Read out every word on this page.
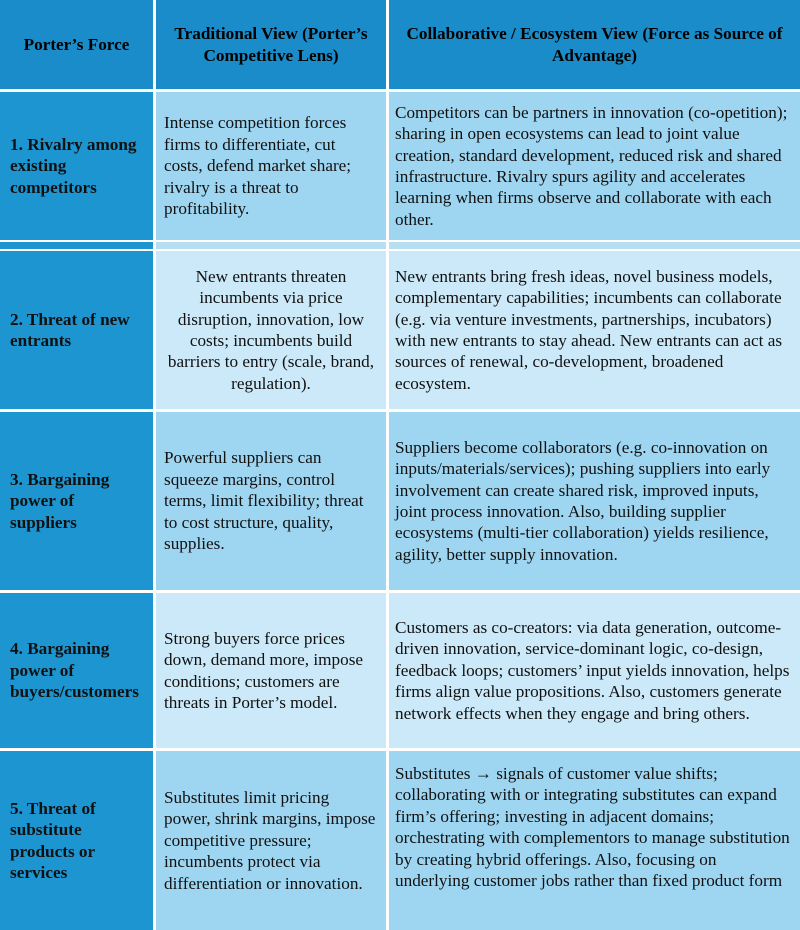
Porter’s Force
Traditional View (Porter’s Competitive Lens)
Collaborative / Ecosystem View (Force as Source of Advantage)
1. Rivalry among existing competitors
Intense competition forces firms to differentiate, cut costs, defend market share; rivalry is a threat to profitability.
Competitors can be partners in innovation (co-opetition); sharing in open ecosystems can lead to joint value creation, standard development, reduced risk and shared infrastructure. Rivalry spurs agility and accelerates learning when firms observe and collaborate with each other.
2. Threat of new entrants
New entrants threaten incumbents via price disruption, innovation, low costs; incumbents build barriers to entry (scale, brand, regulation).
New entrants bring fresh ideas, novel business models, complementary capabilities; incumbents can collaborate (e.g. via venture investments, partnerships, incubators) with new entrants to stay ahead. New entrants can act as sources of renewal, co-development, broadened ecosystem.
3. Bargaining power of suppliers
Powerful suppliers can squeeze margins, control terms, limit flexibility; threat to cost structure, quality, supplies.
Suppliers become collaborators (e.g. co-innovation on inputs/materials/services); pushing suppliers into early involvement can create shared risk, improved inputs, joint process innovation. Also, building supplier ecosystems (multi-tier collaboration) yields resilience, agility, better supply innovation.
4. Bargaining power of buyers/customers
Strong buyers force prices down, demand more, impose conditions; customers are threats in Porter’s model.
Customers as co-creators: via data generation, outcome-driven innovation, service-dominant logic, co-design, feedback loops; customers’ input yields innovation, helps firms align value propositions. Also, customers generate network effects when they engage and bring others.
5. Threat of substitute products or services
Substitutes limit pricing power, shrink margins, impose competitive pressure; incumbents protect via differentiation or innovation.
Substitutes → signals of customer value shifts; collaborating with or integrating substitutes can expand firm’s offering; investing in adjacent domains; orchestrating with complementors to manage substitution by creating hybrid offerings. Also, focusing on underlying customer jobs rather than fixed product form
